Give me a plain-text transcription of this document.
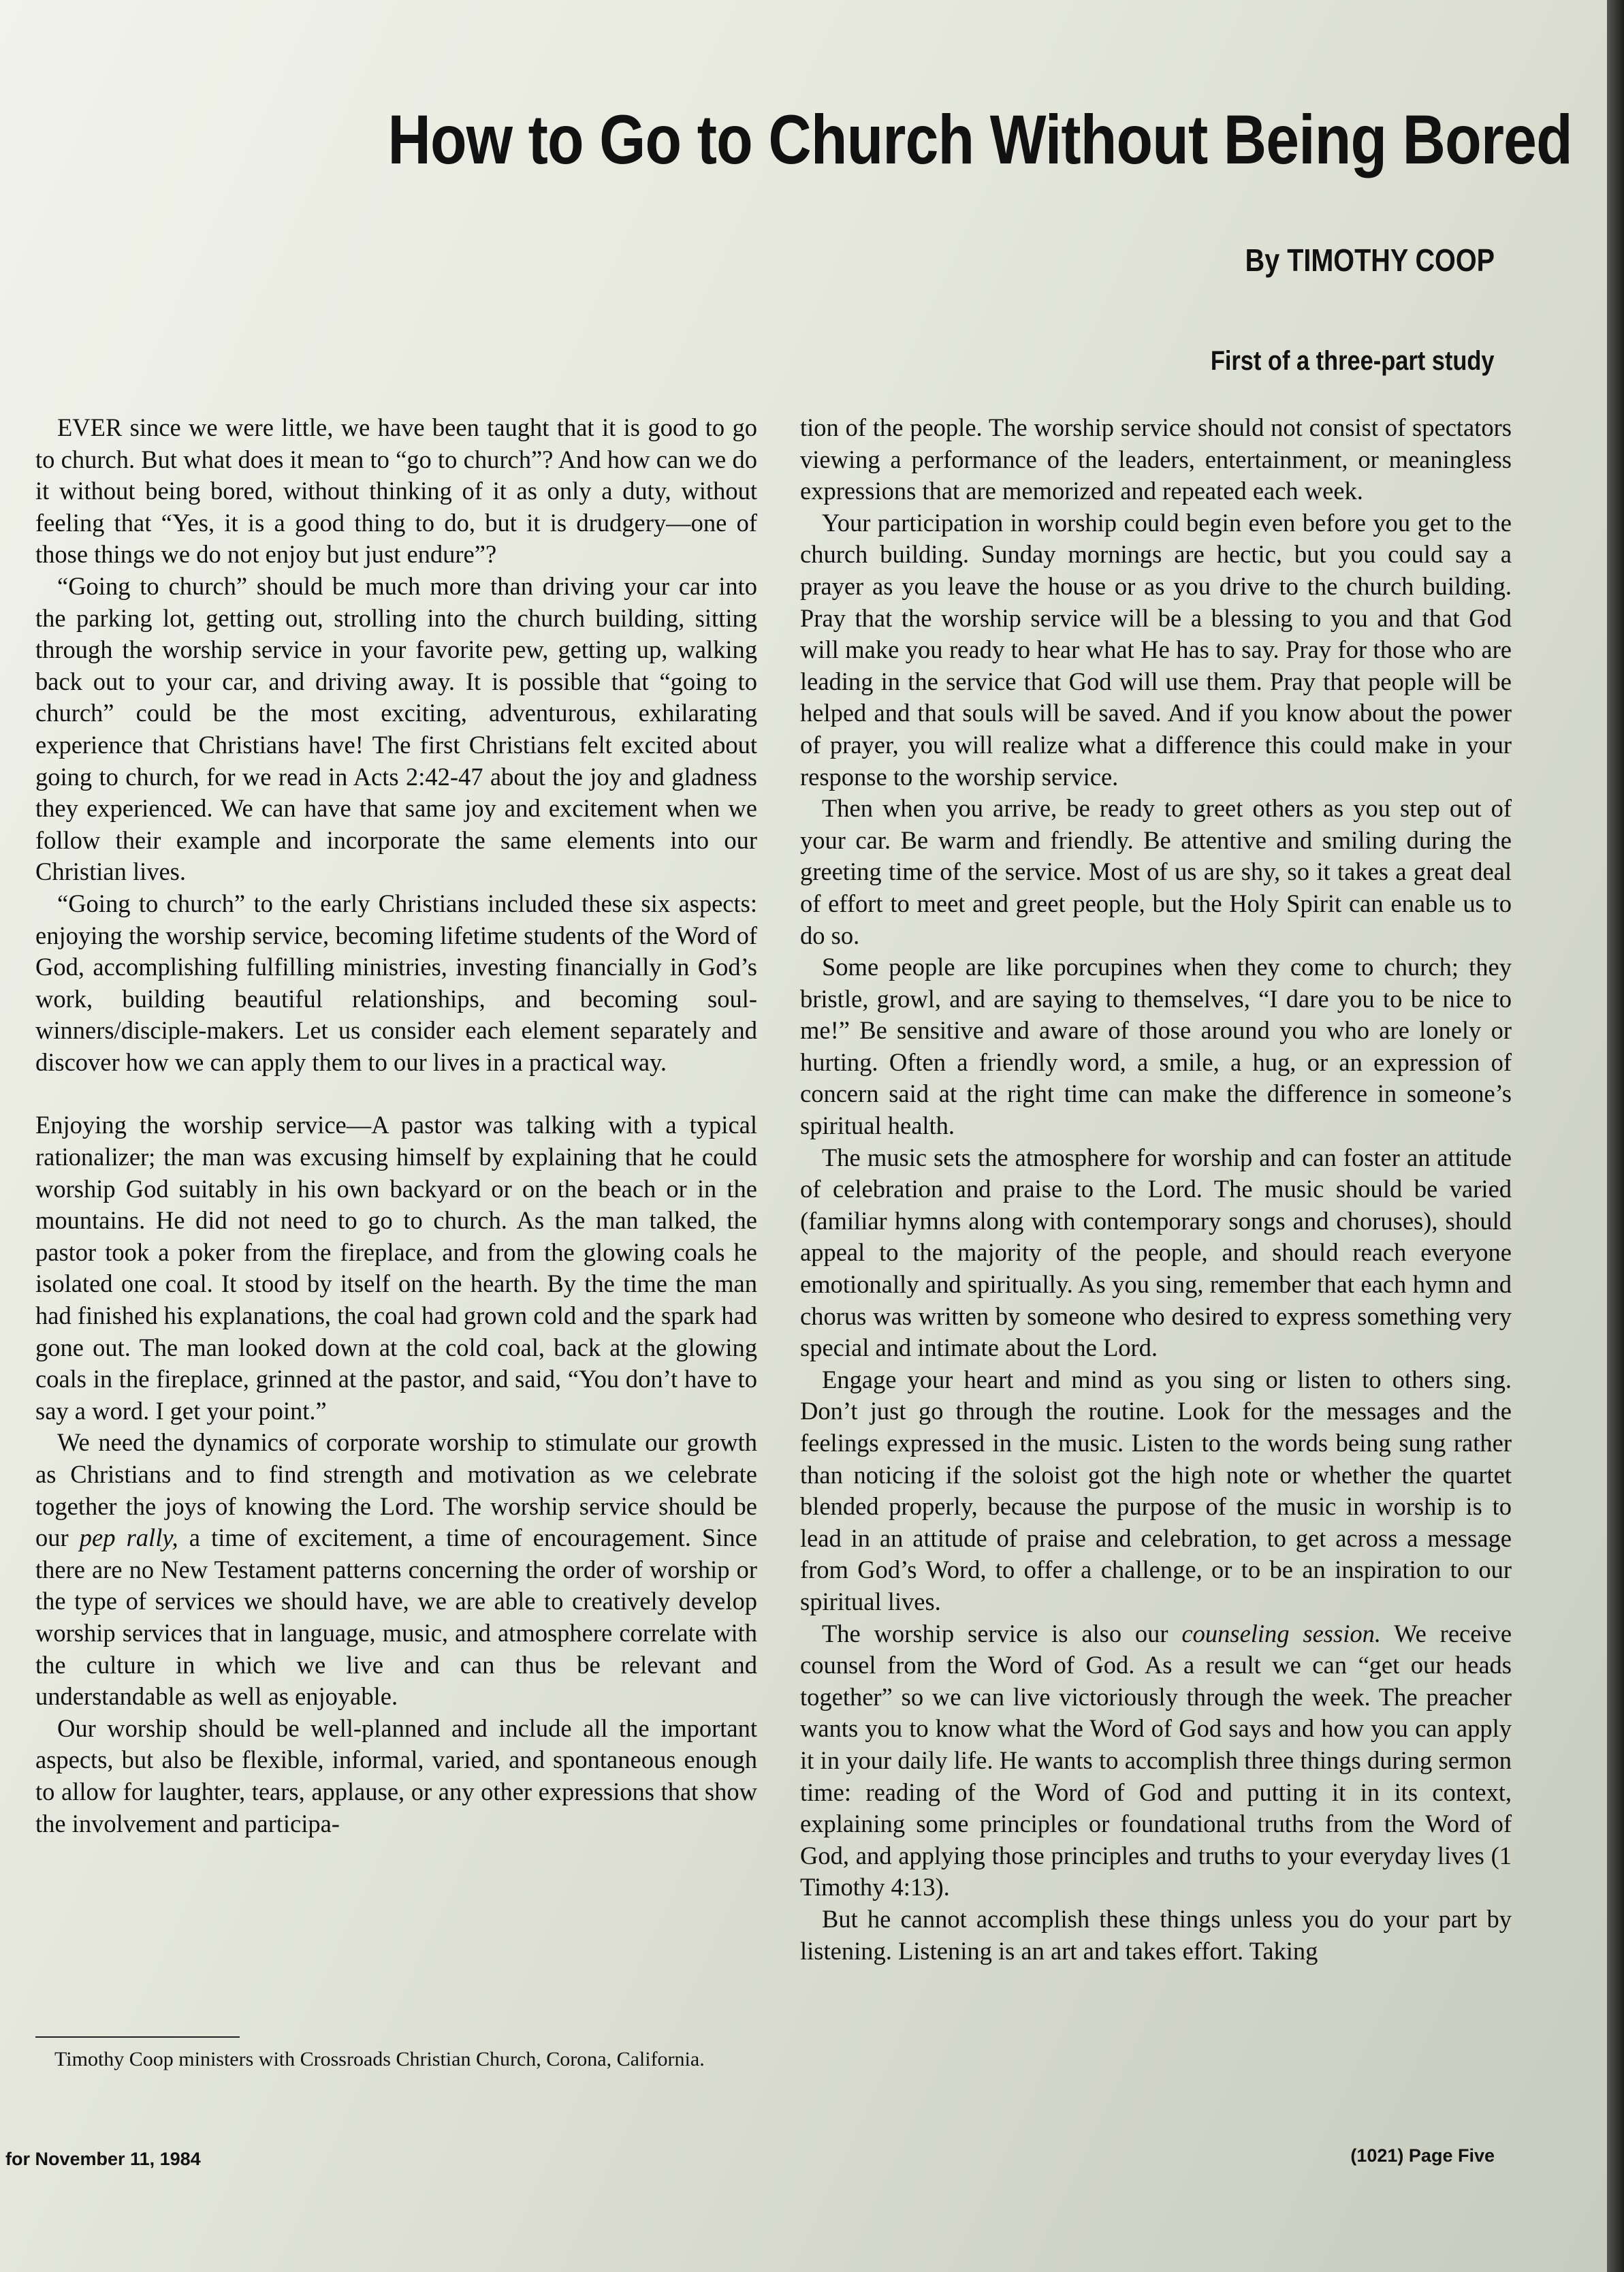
How to Go to Church Without Being Bored
By TIMOTHY COOP
First of a three-part study

EVER since we were little, we have been taught that it is good to go to church. But what does it mean to “go to church”? And how can we do it without being bored, without thinking of it as only a duty, without feeling that “Yes, it is a good thing to do, but it is drudgery—one of those things we do not enjoy but just endure”?

“Going to church” should be much more than driving your car into the parking lot, getting out, strolling into the church building, sitting through the worship service in your favorite pew, getting up, walking back out to your car, and driving away. It is possible that “going to church” could be the most exciting, adventurous, exhilarating experience that Christians have! The first Christians felt excited about going to church, for we read in Acts 2:42-47 about the joy and gladness they experienced. We can have that same joy and excitement when we follow their example and incorporate the same elements into our Christian lives.

“Going to church” to the early Christians included these six aspects: enjoying the worship service, becoming lifetime students of the Word of God, accomplishing fulfilling ministries, investing financially in God’s work, building beautiful relationships, and becoming soul-winners/disciple-makers. Let us consider each element separately and discover how we can apply them to our lives in a practical way.

Enjoying the worship service—A pastor was talking with a typical rationalizer; the man was excusing himself by explaining that he could worship God suitably in his own backyard or on the beach or in the mountains. He did not need to go to church. As the man talked, the pastor took a poker from the fireplace, and from the glowing coals he isolated one coal. It stood by itself on the hearth. By the time the man had finished his explanations, the coal had grown cold and the spark had gone out. The man looked down at the cold coal, back at the glowing coals in the fireplace, grinned at the pastor, and said, “You don’t have to say a word. I get your point.”

We need the dynamics of corporate worship to stimulate our growth as Christians and to find strength and motivation as we celebrate together the joys of knowing the Lord. The worship service should be our pep rally, a time of excitement, a time of encouragement. Since there are no New Testament patterns concerning the order of worship or the type of services we should have, we are able to creatively develop worship services that in language, music, and atmosphere correlate with the culture in which we live and can thus be relevant and understandable as well as enjoyable.

Our worship should be well-planned and include all the important aspects, but also be flexible, informal, varied, and spontaneous enough to allow for laughter, tears, applause, or any other expressions that show the involvement and participa-

tion of the people. The worship service should not consist of spectators viewing a performance of the leaders, entertainment, or meaningless expressions that are memorized and repeated each week.

Your participation in worship could begin even before you get to the church building. Sunday mornings are hectic, but you could say a prayer as you leave the house or as you drive to the church building. Pray that the worship service will be a blessing to you and that God will make you ready to hear what He has to say. Pray for those who are leading in the service that God will use them. Pray that people will be helped and that souls will be saved. And if you know about the power of prayer, you will realize what a difference this could make in your response to the worship service.

Then when you arrive, be ready to greet others as you step out of your car. Be warm and friendly. Be attentive and smiling during the greeting time of the service. Most of us are shy, so it takes a great deal of effort to meet and greet people, but the Holy Spirit can enable us to do so.

Some people are like porcupines when they come to church; they bristle, growl, and are saying to themselves, “I dare you to be nice to me!” Be sensitive and aware of those around you who are lonely or hurting. Often a friendly word, a smile, a hug, or an expression of concern said at the right time can make the difference in someone’s spiritual health.

The music sets the atmosphere for worship and can foster an attitude of celebration and praise to the Lord. The music should be varied (familiar hymns along with contemporary songs and choruses), should appeal to the majority of the people, and should reach everyone emotionally and spiritually. As you sing, remember that each hymn and chorus was written by someone who desired to express something very special and intimate about the Lord.

Engage your heart and mind as you sing or listen to others sing. Don’t just go through the routine. Look for the messages and the feelings expressed in the music. Listen to the words being sung rather than noticing if the soloist got the high note or whether the quartet blended properly, because the purpose of the music in worship is to lead in an attitude of praise and celebration, to get across a message from God’s Word, to offer a challenge, or to be an inspiration to our spiritual lives.

The worship service is also our counseling session. We receive counsel from the Word of God. As a result we can “get our heads together” so we can live victoriously through the week. The preacher wants you to know what the Word of God says and how you can apply it in your daily life. He wants to accomplish three things during sermon time: reading of the Word of God and putting it in its context, explaining some principles or foundational truths from the Word of God, and applying those principles and truths to your everyday lives (1 Timothy 4:13).

But he cannot accomplish these things unless you do your part by listening. Listening is an art and takes effort. Taking

Timothy Coop ministers with Crossroads Christian Church, Corona, California.
for November 11, 1984	(1021) Page Five
